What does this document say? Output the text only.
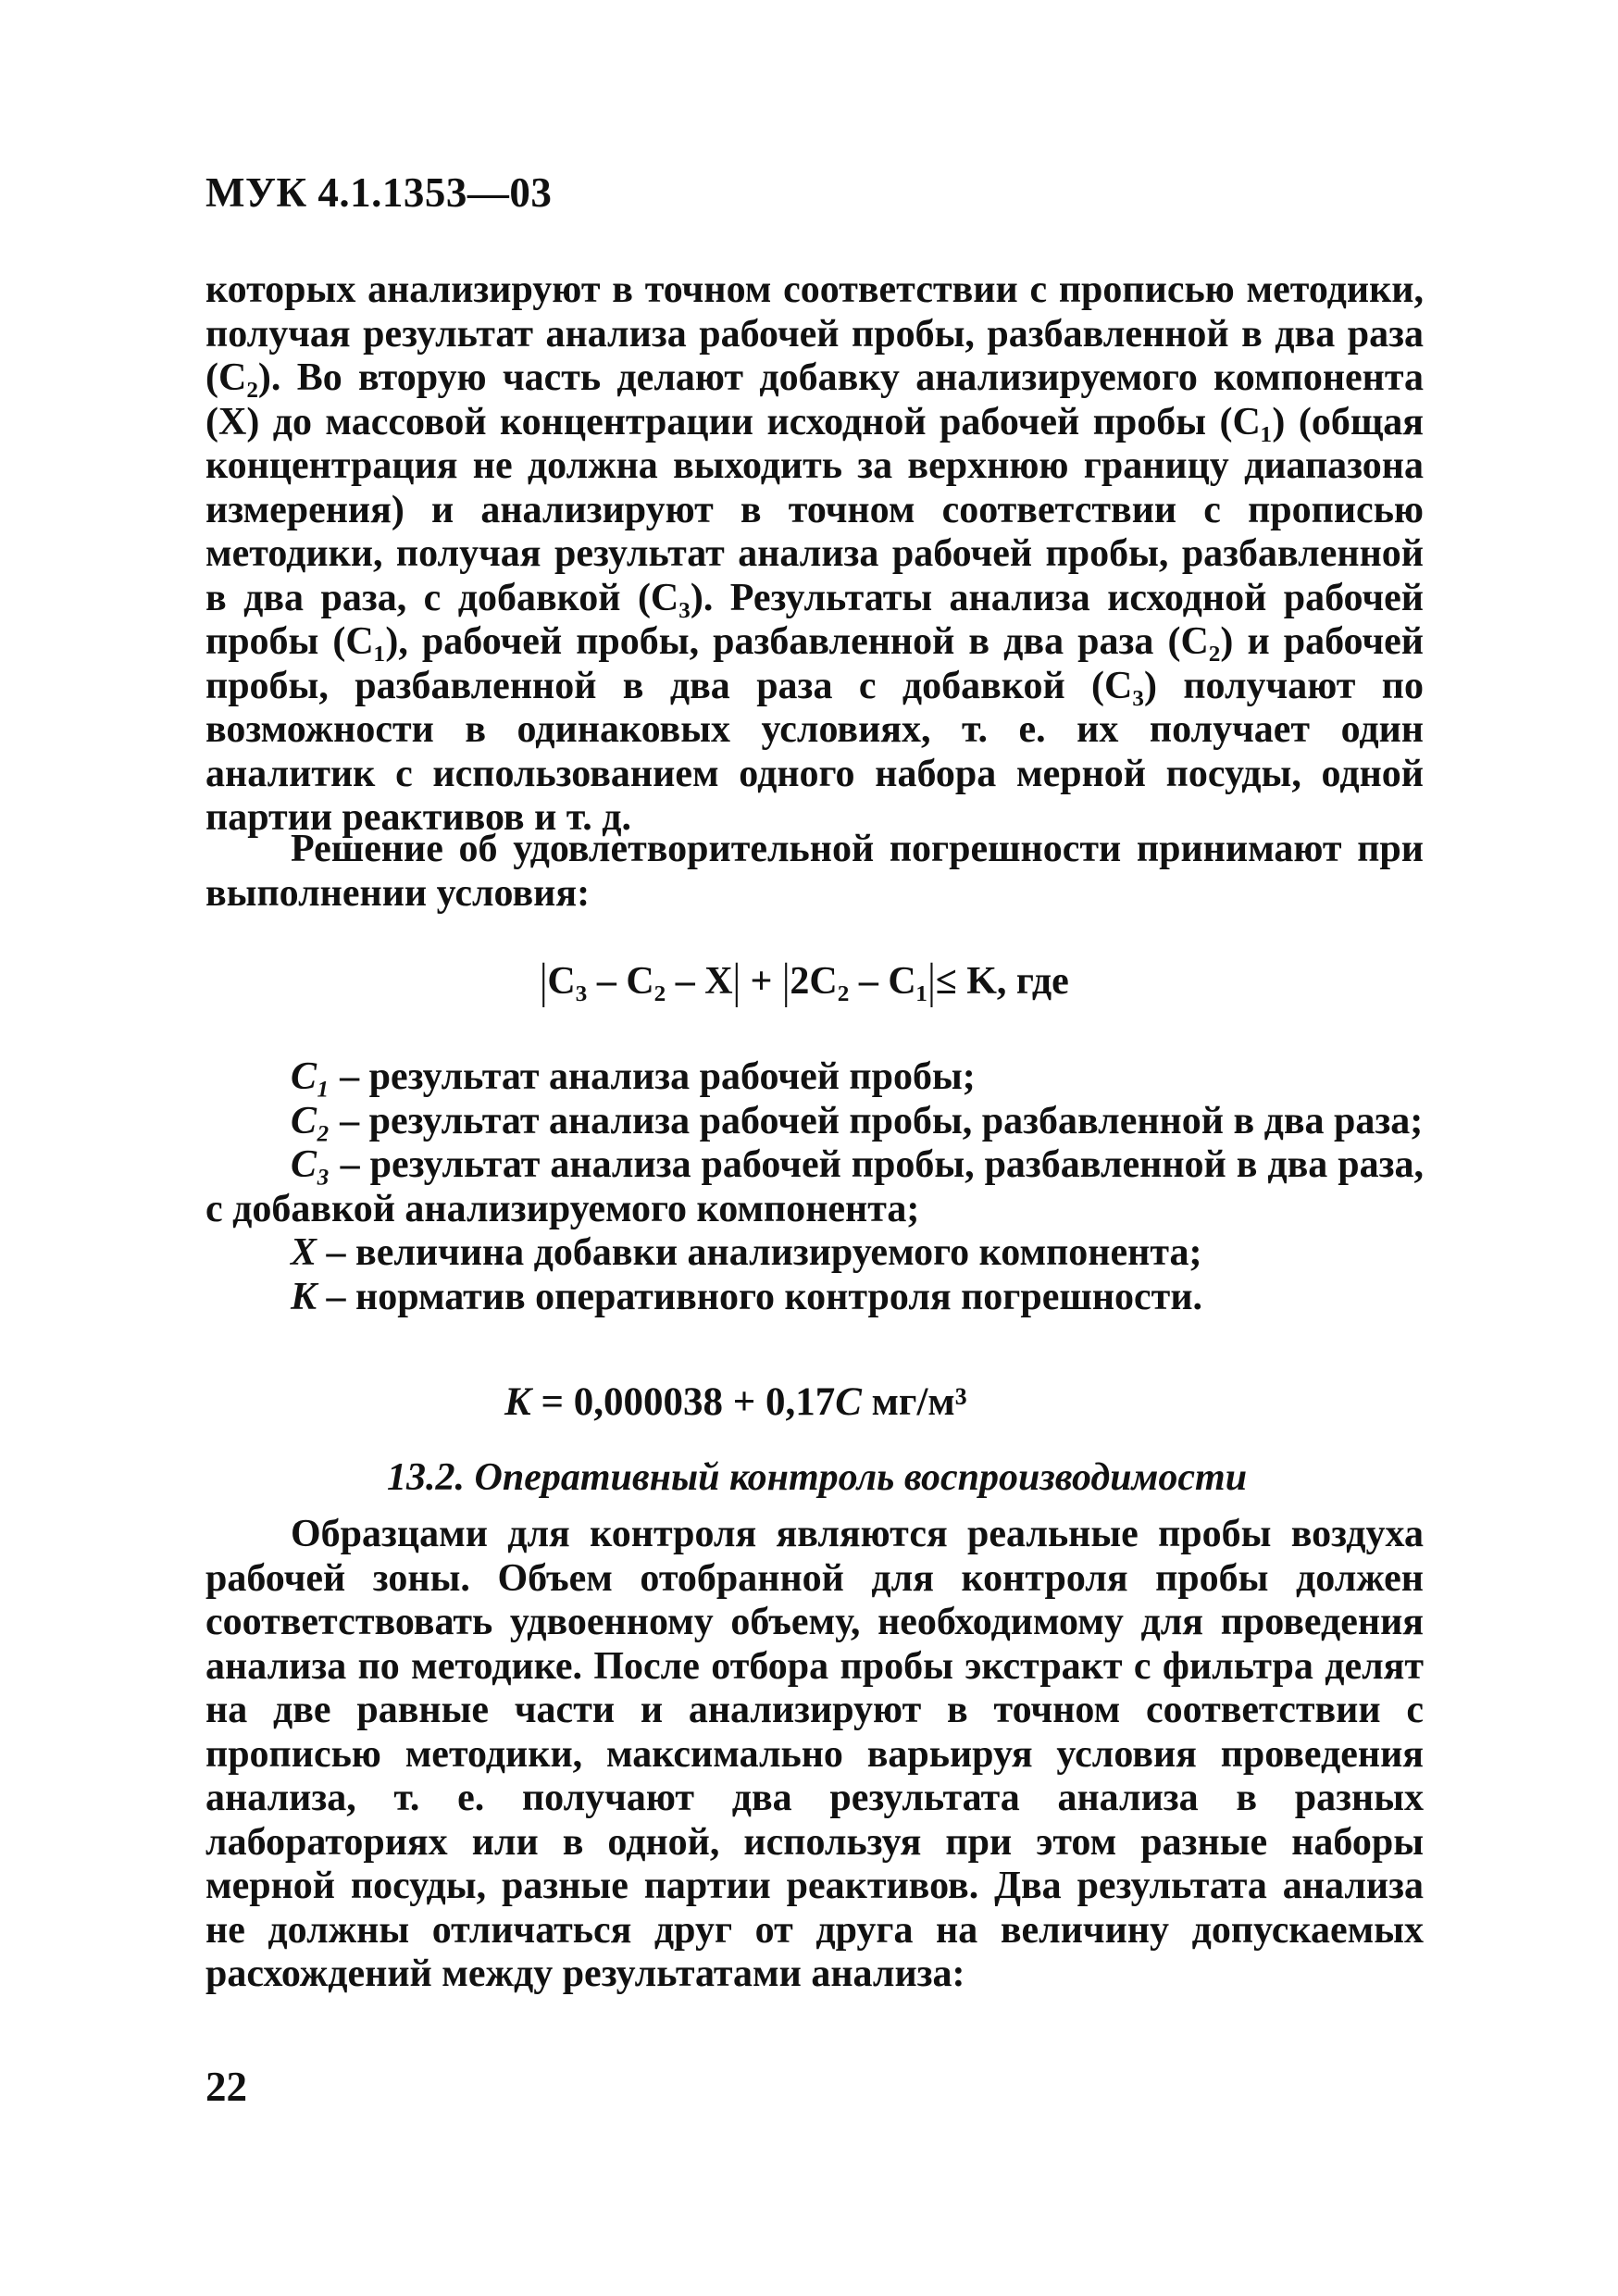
МУК 4.1.1353—03
которых анализируют в точном соответствии с прописью методики, получая результат анализа рабочей пробы, разбавленной в два раза (C₂). Во вторую часть делают добавку анализируемого компонента (X) до массовой концентрации исходной рабочей пробы (C₁) (общая концентрация не должна выходить за верхнюю границу диапазона измерения) и анализируют в точном соответствии с прописью методики, получая результат анализа рабочей пробы, разбавленной в два раза, с добавкой (C₃). Результаты анализа исходной рабочей пробы (C₁), рабочей пробы, разбавленной в два раза (C₂) и рабочей пробы, разбавленной в два раза с добавкой (C₃) получают по возможности в одинаковых условиях, т. е. их получает один аналитик с использованием одного набора мерной посуды, одной партии реактивов и т. д.
Решение об удовлетворительной погрешности принимают при выполнении условия:
|C₃ – C₂ – X| + |2C₂ – C₁|≤ K, где
C₁ – результат анализа рабочей пробы;
C₂ – результат анализа рабочей пробы, разбавленной в два раза;
C₃ – результат анализа рабочей пробы, разбавленной в два раза, с добавкой анализируемого компонента;
X – величина добавки анализируемого компонента;
K – норматив оперативного контроля погрешности.
K = 0,000038 + 0,17C мг/м³
13.2. Оперативный контроль воспроизводимости
Образцами для контроля являются реальные пробы воздуха рабочей зоны. Объем отобранной для контроля пробы должен соответствовать удвоенному объему, необходимому для проведения анализа по методике. После отбора пробы экстракт с фильтра делят на две равные части и анализируют в точном соответствии с прописью методики, максимально варьируя условия проведения анализа, т. е. получают два результата анализа в разных лабораториях или в одной, используя при этом разные наборы мерной посуды, разные партии реактивов. Два результата анализа не должны отличаться друг от друга на величину допускаемых расхождений между результатами анализа:
22
